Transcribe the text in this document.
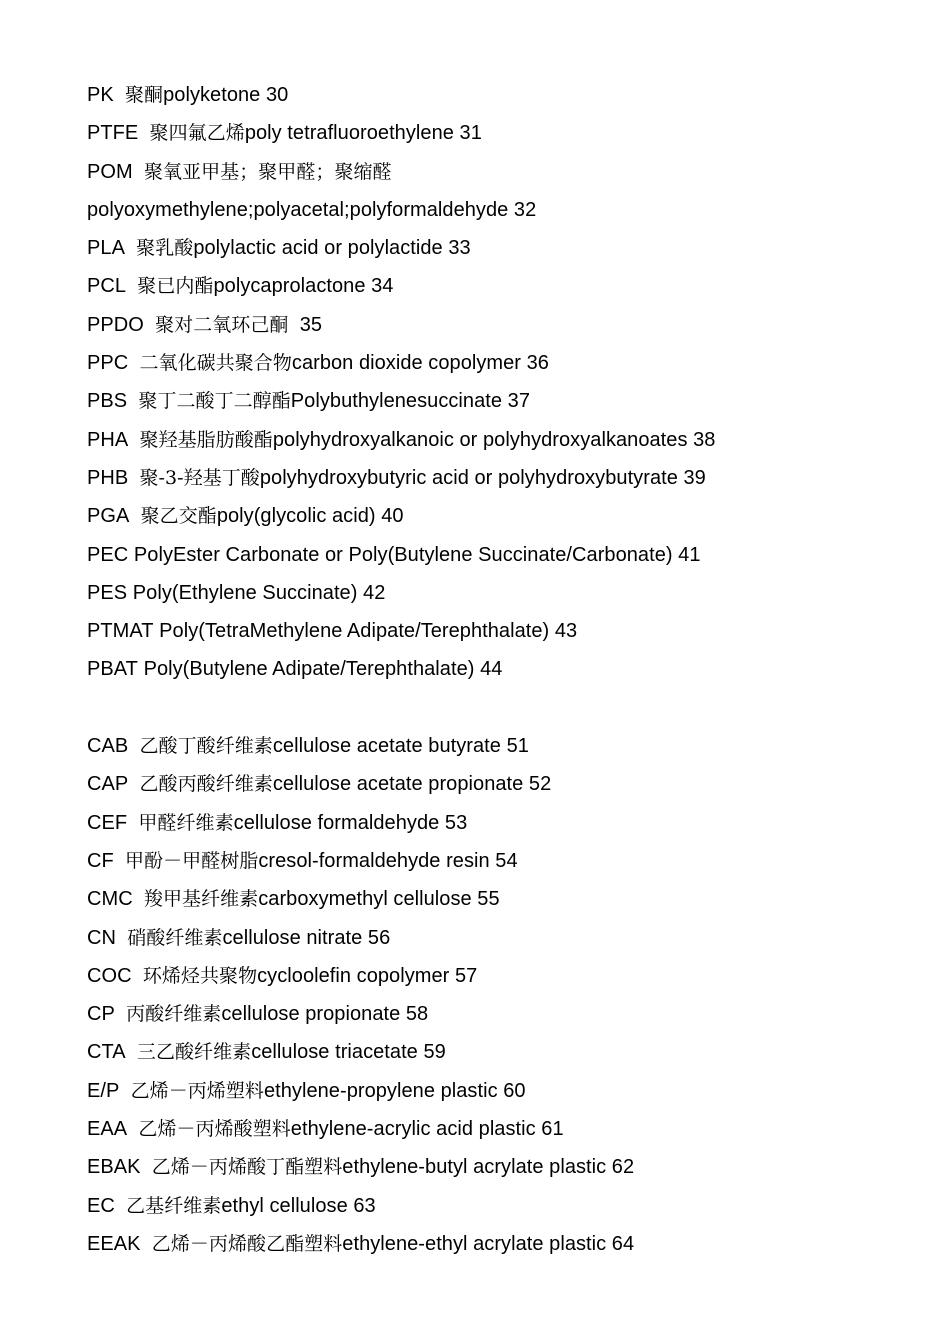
PK 聚酮polyketone 30
PTFE 聚四氟乙烯poly tetrafluoroethylene 31
POM 聚氧亚甲基；聚甲醛；聚缩醛
polyoxymethylene;polyacetal;polyformaldehyde 32
PLA 聚乳酸polylactic acid or polylactide 33
PCL 聚已内酯polycaprolactone 34
PPDO 聚对二氧环己酮 35
PPC 二氧化碳共聚合物carbon dioxide copolymer 36
PBS 聚丁二酸丁二醇酯Polybuthylenesuccinate 37
PHA 聚羟基脂肪酸酯polyhydroxyalkanoic or polyhydroxyalkanoates 38
PHB 聚-3-羟基丁酸polyhydroxybutyric acid or polyhydroxybutyrate 39
PGA 聚乙交酯poly(glycolic acid) 40
PEC PolyEster Carbonate or Poly(Butylene Succinate/Carbonate) 41
PES Poly(Ethylene Succinate) 42
PTMAT Poly(TetraMethylene Adipate/Terephthalate) 43
PBAT Poly(Butylene Adipate/Terephthalate) 44
CAB 乙酸丁酸纤维素cellulose acetate butyrate 51
CAP 乙酸丙酸纤维素cellulose acetate propionate 52
CEF 甲醛纤维素cellulose formaldehyde 53
CF 甲酚－甲醛树脂cresol-formaldehyde resin 54
CMC 羧甲基纤维素carboxymethyl cellulose 55
CN 硝酸纤维素cellulose nitrate 56
COC 环烯烃共聚物cycloolefin copolymer 57
CP 丙酸纤维素cellulose propionate 58
CTA 三乙酸纤维素cellulose triacetate 59
E/P 乙烯－丙烯塑料ethylene-propylene plastic 60
EAA 乙烯－丙烯酸塑料ethylene-acrylic acid plastic 61
EBAK 乙烯－丙烯酸丁酯塑料ethylene-butyl acrylate plastic 62
EC 乙基纤维素ethyl cellulose 63
EEAK 乙烯－丙烯酸乙酯塑料ethylene-ethyl acrylate plastic 64
